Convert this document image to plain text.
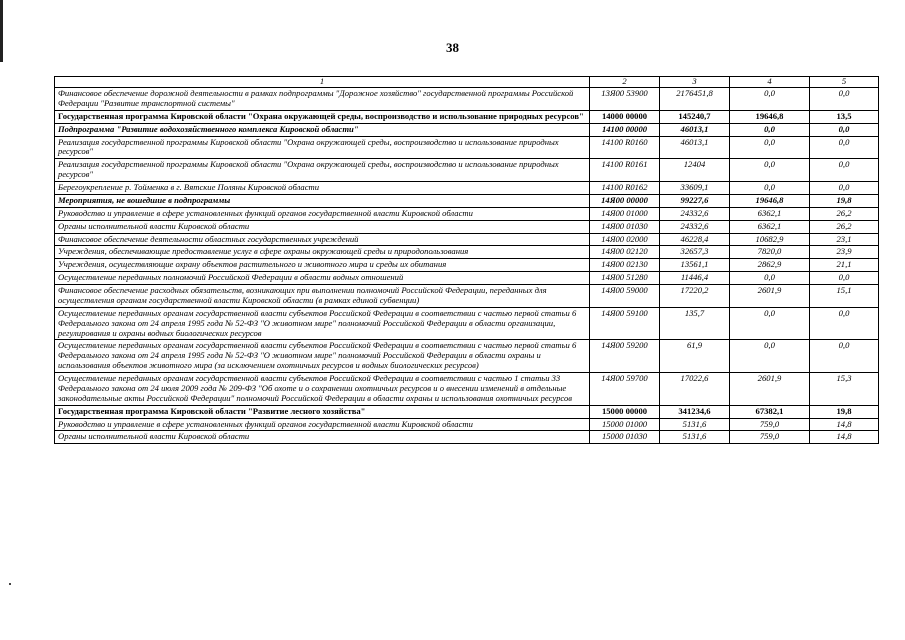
38
1	2	3	4	5
Финансовое обеспечение дорожной деятельности в рамках подпрограммы "Дорожное хозяйство" государственной программы Российской Федерации "Развитие транспортной системы"	13Я00 53900	2176451,8	0,0	0,0
Государственная программа Кировской области "Охрана окружающей среды, воспроизводство и использование природных ресурсов"	14000 00000	145240,7	19646,8	13,5
Подпрограмма "Развитие водохозяйственного комплекса Кировской области"	14100 00000	46013,1	0,0	0,0
Реализация государственной программы Кировской области "Охрана окружающей среды, воспроизводство и использование природных ресурсов"	14100 R0160	46013,1	0,0	0,0
Реализация государственной программы Кировской области "Охрана окружающей среды, воспроизводство и использование природных ресурсов"	14100 R0161	12404	0,0	0,0
Берегоукрепление р. Тойменка в г. Вятские Поляны Кировской области	14100 R0162	33609,1	0,0	0,0
Мероприятия, не вошедшие в подпрограммы	14Я00 00000	99227,6	19646,8	19,8
Руководство и управление в сфере установленных функций органов государственной власти Кировской области	14Я00 01000	24332,6	6362,1	26,2
Органы исполнительной власти Кировской области	14Я00 01030	24332,6	6362,1	26,2
Финансовое обеспечение деятельности областных государственных учреждений	14Я00 02000	46228,4	10682,9	23,1
Учреждения, обеспечивающие предоставление услуг в сфере охраны окружающей среды и природопользования	14Я00 02120	32657,3	7820,0	23,9
Учреждения, осуществляющие охрану объектов растительного и животного мира и среды их обитания	14Я00 02130	13561,1	2862,9	21,1
Осуществление переданных полномочий Российской Федерации в области водных отношений	14Я00 51280	11446,4	0,0	0,0
Финансовое обеспечение расходных обязательств, возникающих при выполнении полномочий Российской Федерации, переданных для осуществления органам государственной власти Кировской области (в рамках единой субвенции)	14Я00 59000	17220,2	2601,9	15,1
Осуществление переданных органам государственной власти субъектов Российской Федерации в соответствии с частью первой статьи 6 Федерального закона от 24 апреля 1995 года № 52-ФЗ "О животном мире" полномочий Российской Федерации в области организации, регулирования и охраны водных биологических ресурсов	14Я00 59100	135,7	0,0	0,0
Осуществление переданных органам государственной власти субъектов Российской Федерации в соответствии с частью первой статьи 6 Федерального закона от 24 апреля 1995 года № 52-ФЗ "О животном мире" полномочий Российской Федерации в области охраны и использования объектов животного мира (за исключением охотничьих ресурсов и водных биологических ресурсов)	14Я00 59200	61,9	0,0	0,0
Осуществление переданных органам государственной власти субъектов Российской Федерации в соответствии с частью 1 статьи 33 Федерального закона от 24 июля 2009 года № 209-ФЗ "Об охоте и о сохранении охотничьих ресурсов и о внесении изменений в отдельные законодательные акты Российской Федерации" полномочий Российской Федерации в области охраны и использования охотничьих ресурсов	14Я00 59700	17022,6	2601,9	15,3
Государственная программа Кировской области "Развитие лесного хозяйства"	15000 00000	341234,6	67382,1	19,8
Руководство и управление в сфере установленных функций органов государственной власти Кировской области	15000 01000	5131,6	759,0	14,8
Органы исполнительной власти Кировской области	15000 01030	5131,6	759,0	14,8
